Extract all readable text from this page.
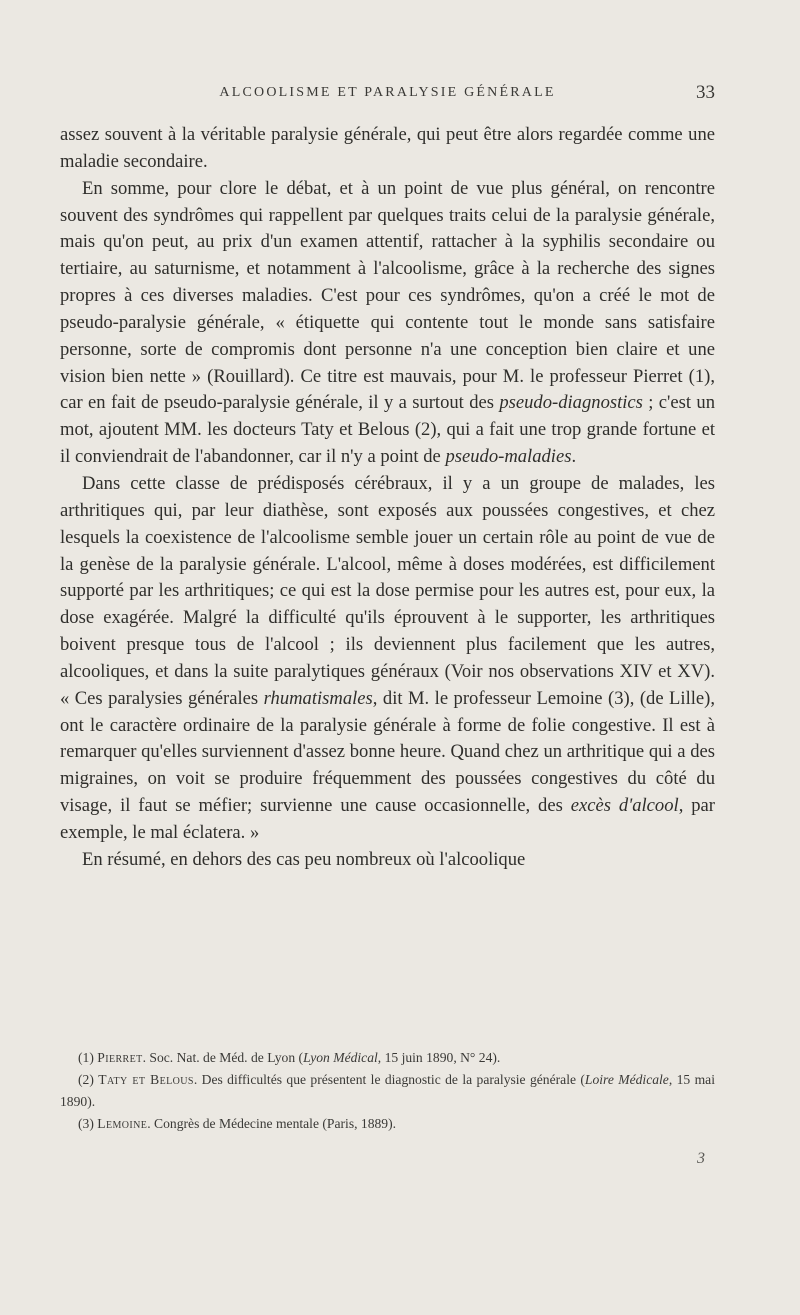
ALCOOLISME ET PARALYSIE GÉNÉRALE	33

assez souvent à la véritable paralysie générale, qui peut être alors regardée comme une maladie secondaire.

En somme, pour clore le débat, et à un point de vue plus général, on rencontre souvent des syndrômes qui rappellent par quelques traits celui de la paralysie générale, mais qu'on peut, au prix d'un examen attentif, rattacher à la syphilis secondaire ou tertiaire, au saturnisme, et notamment à l'alcoolisme, grâce à la recherche des signes propres à ces diverses maladies. C'est pour ces syndrômes, qu'on a créé le mot de pseudo-paralysie générale, « étiquette qui contente tout le monde sans satisfaire personne, sorte de compromis dont personne n'a une conception bien claire et une vision bien nette » (Rouillard). Ce titre est mauvais, pour M. le professeur Pierret (1), car en fait de pseudo-paralysie générale, il y a surtout des pseudo-diagnostics ; c'est un mot, ajoutent MM. les docteurs Taty et Belous (2), qui a fait une trop grande fortune et il conviendrait de l'abandonner, car il n'y a point de pseudo-maladies.

Dans cette classe de prédisposés cérébraux, il y a un groupe de malades, les arthritiques qui, par leur diathèse, sont exposés aux poussées congestives, et chez lesquels la coexistence de l'alcoolisme semble jouer un certain rôle au point de vue de la genèse de la paralysie générale. L'alcool, même à doses modérées, est difficilement supporté par les arthritiques; ce qui est la dose permise pour les autres est, pour eux, la dose exagérée. Malgré la difficulté qu'ils éprouvent à le supporter, les arthritiques boivent presque tous de l'alcool ; ils deviennent plus facilement que les autres, alcooliques, et dans la suite paralytiques généraux (Voir nos observations XIV et XV). « Ces paralysies générales rhumatismales, dit M. le professeur Lemoine (3), (de Lille), ont le caractère ordinaire de la paralysie générale à forme de folie congestive. Il est à remarquer qu'elles surviennent d'assez bonne heure. Quand chez un arthritique qui a des migraines, on voit se produire fréquemment des poussées congestives du côté du visage, il faut se méfier; survienne une cause occasionnelle, des excès d'alcool, par exemple, le mal éclatera. »

En résumé, en dehors des cas peu nombreux où l'alcoolique

(1) Pierret. Soc. Nat. de Méd. de Lyon (Lyon Médical, 15 juin 1890, N° 24).

(2) Taty et Belous. Des difficultés que présentent le diagnostic de la paralysie générale (Loire Médicale, 15 mai 1890).

(3) Lemoine. Congrès de Médecine mentale (Paris, 1889).

3
